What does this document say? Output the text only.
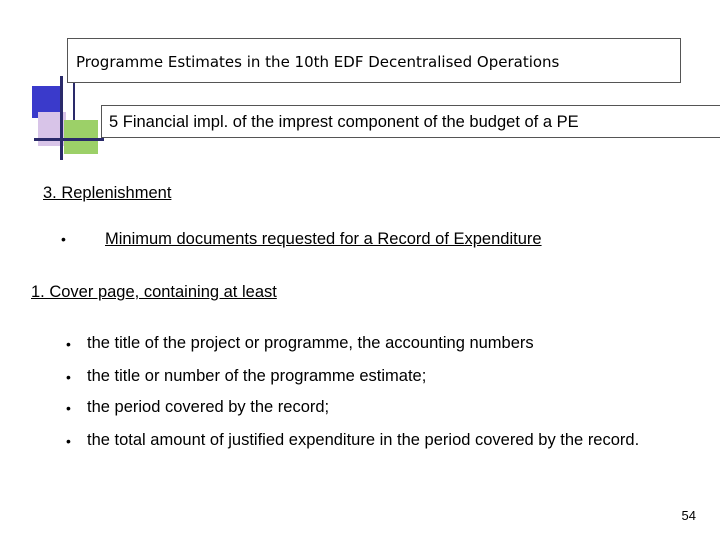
Programme Estimates in the 10th EDF Decentralised Operations
5 Financial impl. of the imprest component of the budget of a PE
3. Replenishment
• Minimum documents requested for a Record of Expenditure
1. Cover page, containing at least
• the title of the project or programme, the accounting numbers
• the title or number of the programme estimate;
• the period covered by the record;
• the total amount of justified expenditure in the period covered by the record.
54
